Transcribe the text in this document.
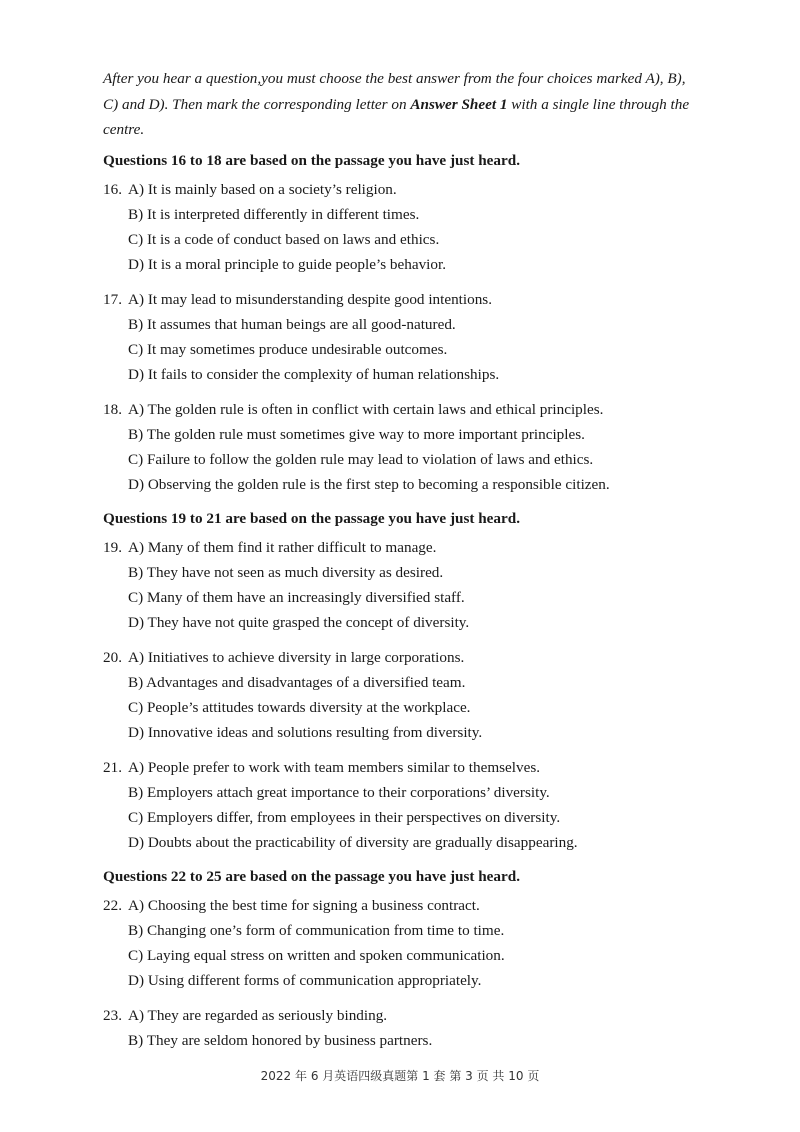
After you hear a question,you must choose the best answer from the four choices marked A), B), C) and D). Then mark the corresponding letter on Answer Sheet 1 with a single line through the centre.

Questions 16 to 18 are based on the passage you have just heard.
16. A) It is mainly based on a society’s religion.
B) It is interpreted differently in different times.
C) It is a code of conduct based on laws and ethics.
D) It is a moral principle to guide people’s behavior.
17. A) It may lead to misunderstanding despite good intentions.
B) It assumes that human beings are all good-natured.
C) It may sometimes produce undesirable outcomes.
D) It fails to consider the complexity of human relationships.
18. A) The golden rule is often in conflict with certain laws and ethical principles.
B) The golden rule must sometimes give way to more important principles.
C) Failure to follow the golden rule may lead to violation of laws and ethics.
D) Observing the golden rule is the first step to becoming a responsible citizen.
Questions 19 to 21 are based on the passage you have just heard.
19. A) Many of them find it rather difficult to manage.
B) They have not seen as much diversity as desired.
C) Many of them have an increasingly diversified staff.
D) They have not quite grasped the concept of diversity.
20. A) Initiatives to achieve diversity in large corporations.
B) Advantages and disadvantages of a diversified team.
C) People’s attitudes towards diversity at the workplace.
D) Innovative ideas and solutions resulting from diversity.
21. A) People prefer to work with team members similar to themselves.
B) Employers attach great importance to their corporations’ diversity.
C) Employers differ, from employees in their perspectives on diversity.
D) Doubts about the practicability of diversity are gradually disappearing.
Questions 22 to 25 are based on the passage you have just heard.
22. A) Choosing the best time for signing a business contract.
B) Changing one’s form of communication from time to time.
C) Laying equal stress on written and spoken communication.
D) Using different forms of communication appropriately.
23. A) They are regarded as seriously binding.
B) They are seldom honored by business partners.
2022 年 6 月英语四级真题第 1 套 第 3 页 共 10 页
